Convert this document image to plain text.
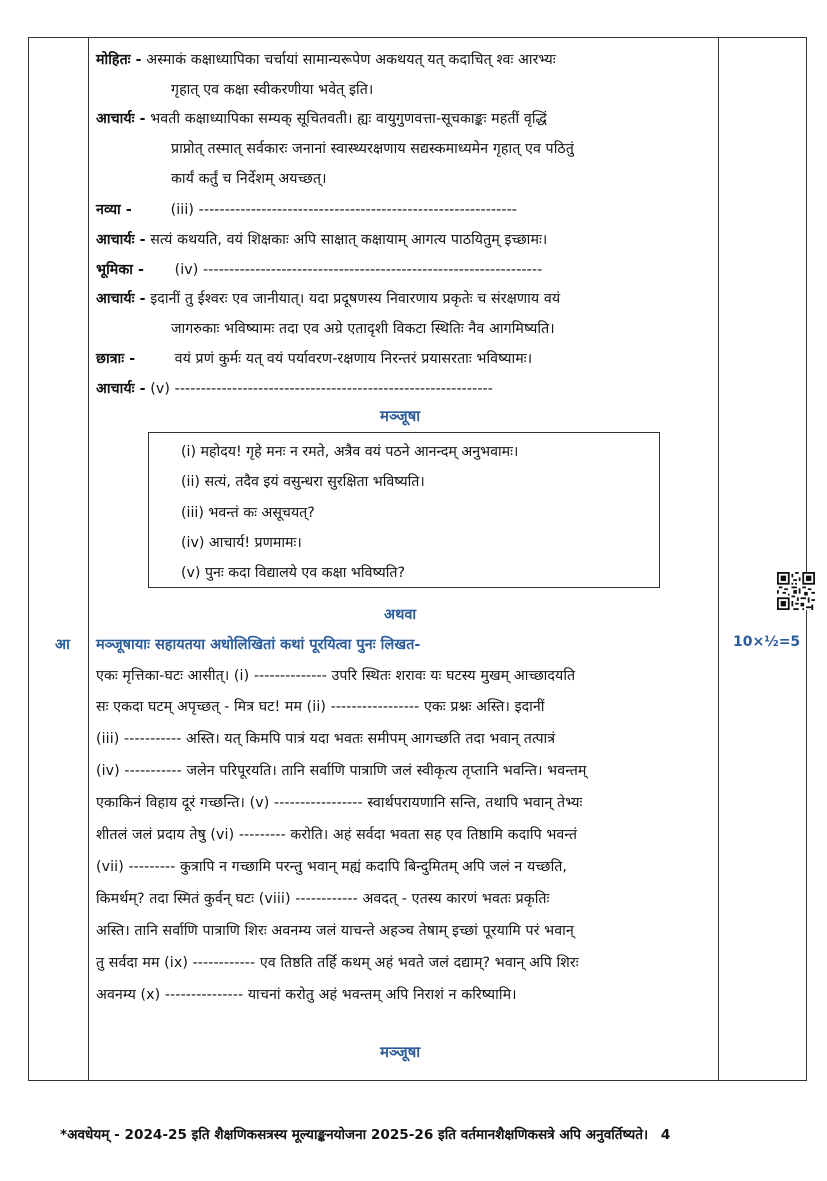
मोहितः - अस्माकं कक्षाध्यापिका चर्चायां सामान्यरूपेण अकथयत् यत् कदाचित् श्वः आरभ्यः
गृहात् एव कक्षा स्वीकरणीया भवेत् इति।
आचार्यः - भवती कक्षाध्यापिका सम्यक् सूचितवती। ह्यः वायुगुणवत्ता-सूचकाङ्कः महतीं वृद्धिं
प्राप्नोत् तस्मात् सर्वकारः जनानां स्वास्थ्यरक्षणाय सद्यस्कमाध्यमेन गृहात् एव पठितुं
कार्यं कर्तुं च निर्देशम् अयच्छत्।
नव्या -	(iii) -------------------------------------------------------------
आचार्यः - सत्यं कथयति, वयं शिक्षकाः अपि साक्षात् कक्षायाम् आगत्य पाठयितुम् इच्छामः।
भूमिका - (iv) -----------------------------------------------------------------
आचार्यः - इदानीं तु ईश्वरः एव जानीयात्। यदा प्रदूषणस्य निवारणाय प्रकृतेः च संरक्षणाय वयं
जागरुकाः भविष्यामः तदा एव अग्रे एतादृशी विकटा स्थितिः नैव आगमिष्यति।
छात्राः -	वयं प्रणं कुर्मः यत् वयं पर्यावरण-रक्षणाय निरन्तरं प्रयासरताः भविष्यामः।
आचार्यः - (v) -------------------------------------------------------------
मञ्जूषा
(i) महोदय! गृहे मनः न रमते, अत्रैव वयं पठने आनन्दम् अनुभवामः।
(ii) सत्यं, तदैव इयं वसुन्धरा सुरक्षिता भविष्यति।
(iii) भवन्तं कः असूचयत्?
(iv) आचार्य! प्रणमामः।
(v) पुनः कदा विद्यालये एव कक्षा भविष्यति?
अथवा
आ मञ्जूषायाः सहायतया अधोलिखितां कथां पूरयित्वा पुनः लिखत-	10×½=5
एकः मृत्तिका-घटः आसीत्। (i) -------------- उपरि स्थितः शरावः यः घटस्य मुखम् आच्छादयति
सः एकदा घटम् अपृच्छत् - मित्र घट! मम (ii) ----------------- एकः प्रश्नः अस्ति। इदानीं
(iii) ----------- अस्ति। यत् किमपि पात्रं यदा भवतः समीपम् आगच्छति तदा भवान् तत्पात्रं
(iv) ----------- जलेन परिपूरयति। तानि सर्वाणि पात्राणि जलं स्वीकृत्य तृप्तानि भवन्ति। भवन्तम्
एकाकिनं विहाय दूरं गच्छन्ति। (v) ----------------- स्वार्थपरायणानि सन्ति, तथापि भवान् तेभ्यः
शीतलं जलं प्रदाय तेषु (vi) --------- करोति। अहं सर्वदा भवता सह एव तिष्ठामि कदापि भवन्तं
(vii) --------- कुत्रापि न गच्छामि परन्तु भवान् मह्यं कदापि बिन्दुमितम् अपि जलं न यच्छति,
किमर्थम्? तदा स्मितं कुर्वन् घटः (viii) ------------ अवदत् - एतस्य कारणं भवतः प्रकृतिः
अस्ति। तानि सर्वाणि पात्राणि शिरः अवनम्य जलं याचन्ते अहञ्च तेषाम् इच्छां पूरयामि परं भवान्
तु सर्वदा मम (ix) ------------ एव तिष्ठति तर्हि कथम् अहं भवते जलं दद्याम्? भवान् अपि शिरः
अवनम्य (x) --------------- याचनां करोतु अहं भवन्तम् अपि निराशं न करिष्यामि।
मञ्जूषा
*अवधेयम् - 2024-25 इति शैक्षणिकसत्रस्य मूल्याङ्कनयोजना 2025-26 इति वर्तमानशैक्षणिकसत्रे अपि अनुवर्तिष्यते। 4
